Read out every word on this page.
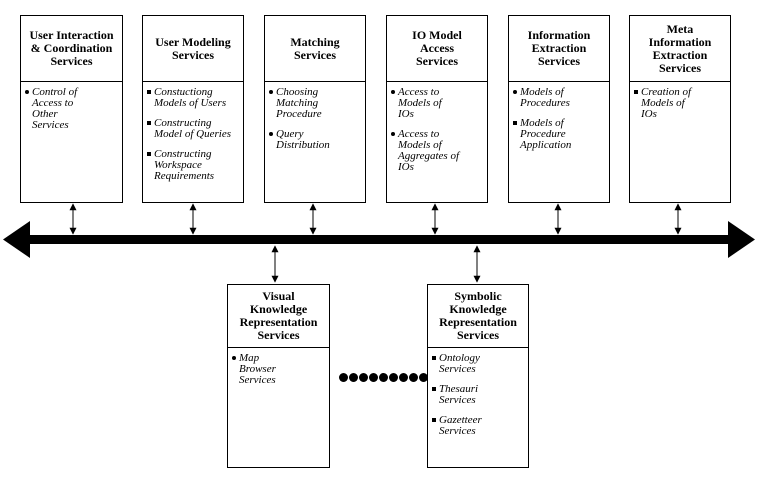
User Interaction
& Coordination
Services
Control of
Access to
Other
Services
User Modeling
Services
Constuctiong
Models of Users
Constructing
Model of Queries
Constructing
Workspace
Requirements
Matching
Services
Choosing
Matching
Procedure
Query
Distribution
IO Model
Access
Services
Access to
Models of
IOs
Access to
Models of
Aggregates of
IOs
Information
Extraction
Services
Models of
Procedures
Models of
Procedure
Application
Meta
Information
Extraction
Services
Creation of
Models of
IOs
Visual
Knowledge
Representation
Services
Map
Browser
Services
Symbolic
Knowledge
Representation
Services
Ontology
Services
Thesauri
Services
Gazetteer
Services
